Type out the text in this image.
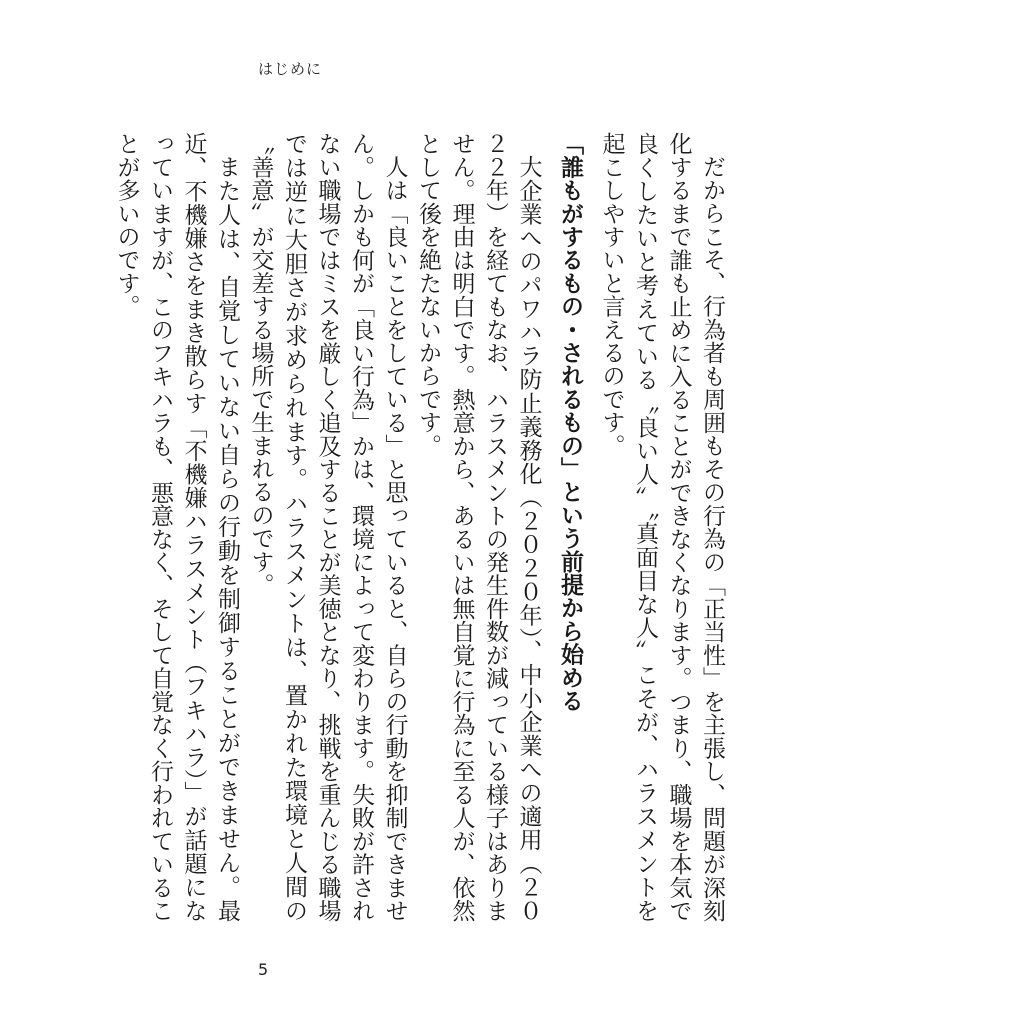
はじめに

だからこそ、行為者も周囲もその行為の「正当性」を主張し、問題が深刻化するまで誰も止めに入ることができなくなります。つまり、職場を本気で良くしたいと考えている〝良い人〟〝真面目な人〟こそが、ハラスメントを起こしやすいと言えるのです。

「誰もがするもの・されるもの」という前提から始める

大企業へのパワハラ防止義務化（２０２０年）、中小企業への適用（２０２２年）を経てもなお、ハラスメントの発生件数が減っている様子はありません。理由は明白です。熱意から、あるいは無自覚に行為に至る人が、依然として後を絶たないからです。

人は「良いことをしている」と思っていると、自らの行動を抑制できません。しかも何が「良い行為」かは、環境によって変わります。失敗が許されない職場ではミスを厳しく追及することが美徳となり、挑戦を重んじる職場では逆に大胆さが求められます。ハラスメントは、置かれた環境と人間の〝善意〟が交差する場所で生まれるのです。

また人は、自覚していない自らの行動を制御することができません。最近、不機嫌さをまき散らす「不機嫌ハラスメント（フキハラ）」が話題になっていますが、このフキハラも、悪意なく、そして自覚なく行われていることが多いのです。

5
